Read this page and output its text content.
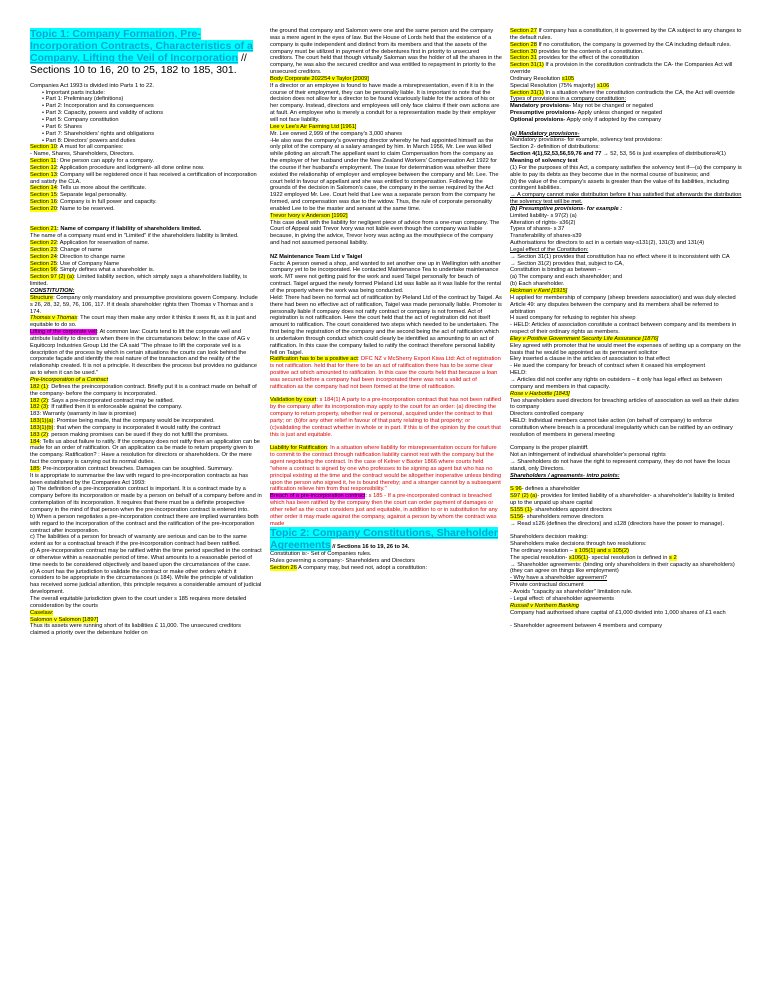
Topic 1: Company Formation, Pre-Incorporation Contracts, Characteristics of a Company, Lifting the Veil of Incorporation // Sections 10 to 16, 20 to 25, 182 to 185, 301.

Companies Act 1993 is divided into Parts 1 to 22.

• Important parts include:

• Part 1: Preliminary (definitions)

• Part 2: Incorporation and its consequences

• Part 3: Capacity, powers and validity of actions

• Part 5: Company constitution

• Part 6: Shares

• Part 7: Shareholders' rights and obligations

• Part 8: Directors' powers and duties

Section 10: A must for all companies:

- Name, Shares, Shareholders, Directors.

Section 11: One person can apply for a company.

Section 12: Application procedure and lodgment- all done online now.

Section 13: Company will be registered once it has received a certification of incorporation and satisfy the CLA.

Section 14: Tells us more about the certificate.

Section 15: Separate legal personality.

Section 16: Company is in full power and capacity.

Section 20: Name to be reserved.

Section 21: Name of company if liability of shareholders limited.

The name of a company must end in "Limited" if the shareholders liability is limited.

Section 22: Application for reservation of name.

Section 23: Change of name

Section 24: Direction to change name

Section 25: Use of Company Name

Section 96: Simply defines what a shareholder is.

Section 97 (2) (a): Limited liability section, which simply says a shareholders liability, is limited.

CONSTITUTION:

Structure: Company only mandatory and presumptive provisions govern Company. Include s 26, 28, 32, 59, 76, 106, 117. If it deals shareholder rights then Thomas v Thomas and s 174.

Thomas v Thomas: The court may then make any order it thinks it sees fit, as it is just and equitable to do so.

Lifting of the corporate veil: At common law: Courts tend to lift the corporate veil and attribute liability to directors when there in the circumstances below: In the case of AG v Equiticorp Industries Group Ltd the CA said "The phrase to lift the corporate veil is a description of the process by which in certain situations the courts can look behind the corporate façade and identify the real nature of the transaction and the reality of the relationship created. It is not a principle. It describes the process but provides no guidance as to when it can be used."

Pre-Incorporation of a Contract

182 (1): Defines the preincorporation contract. Briefly put it is a contract made on behalf of the company- before the company is incorporated.

182 (2): Says a pre-incorporated contract may be ratified.

182 (3): If ratified then it is enforceable against the company.

183: Warranty (warranty in law is promise)

183(1)(a): Promise being made, that the company would be incorporated.

183(1)(b): that when the company is incorporated it would ratify the contract

183 (2): person making promises can be sued if they do not fulfill the promises.

184: Tells us about failure to ratify. If the company does not ratify then an application can be made for an order of ratification. Or an application ca be made to return property given to the company. Ratification? : Have a resolution for directors or shareholders. Or the mere fact the company is carrying out its normal duties.

185: Pre-incorporation contract breaches. Damages can be soughted. Summary.

It is appropriate to summarise the law with regard to pre-incorporation contracts as has been established by the Companies Act 1993:

a) The definition of a pre-incorporation contract is important. It is a contract made by a company before its incorporation or made by a person on behalf of a company before and in contemplation of its incorporation. It requires that there must be a definite prospective company in the mind of that person when the pre-incorporation contract is entered into.

b) When a person negotiates a pre-incorporation contract there are implied warranties both with regard to the incorporation of the contract and the ratification of the pre-incorporation contract after incorporation.

c) The liabilities of a person for breach of warranty are serious and can be to the same extent as for a contractual breach if the pre-incorporation contract had been ratified.

d) A pre-incorporation contract may be ratified within the time period specified in the contract or otherwise within a reasonable period of time. What amounts to a reasonable period of time needs to be considered objectively and based upon the circumstances of the case.

e) A court has the jurisdiction to validate the contract or make other orders which it considers to be appropriate in the circumstances (s 184). While the principle of validation has received some judicial attention, this principle requires a considerable amount of judicial development.

The overall equitable jurisdiction given to the court under s 185 requires more detailed consideration by the courts

Caselaw:

Salomon v Salomon [1897]

Thus its assets were running short of its liabilities £ 11,000. The unsecured creditors claimed a priority over the debenture holder on

the ground that company and Salomon were one and the same person and the company was a mere agent in the eyes of law. But the House of Lords held that the existence of a company is quite independent and distinct from its members and that the assets of the company must be utilized in payment of the debentures first in priority to unsecured creditors. The court held that though virtually Saloman was the holder of all the shares in the company, he was also the secured creditor and was entitled to repayment in priority to the unsecured creditors.

Body Corporate 202254 v Taylor [2009]

If a director or an employee is found to have made a misrepresentation, even if it is in the course of their employment, they can be personally liable. It is important to note that the decision does not allow for a director to be found vicariously liable for the actions of his or her company. Instead, directors and employees will only face claims if their own actions are at fault. An employee who is merely a conduit for a representation made by their employer will not face liability.

Lee v Lee's Air Farming Ltd [1961]

Mr. Lee owned 2,999 of the company's 3,000 shares

-He also was the company's governing director whereby he had appointed himself as the only pilot of the company at a salary arranged by him. In March 1956, Mr. Lee was killed while piloting an aircraft.The appellant want to claim Compensation from the company as the employer of her husband under the New Zealand Workers' Compensation Act 1922 for the course if her husband's employment. The issue for determination was whether there existed the relationship of employer and employee between the company and Mr. Lee. The court held in favour of appellant and she was entitled to compensation. Following the grounds of the decision in Salomon's case, the company in the sense required by the Act 1922 employed Mr. Lee. Court held that Lee was a separate person from the company he formed, and compensation was due to the widow. Thus, the rule of corporate personality enabled Lee to be the master and servant at the same time.

Trevor Ivory v Anderson [1992]

This case dealt with the liability for negligent piece of advice from a one-man company. The Court of Appeal said Trevor Ivory was not liable even though the company was liable because, in giving the advice, Trevor Ivory was acting as the mouthpiece of the company and had not assumed personal liability.

NZ Maintenance Team Ltd v Taigel

Facts: A person owned a shop, and wanted to set another one up in Wellington with another company yet to be incorporated. He contacted Maintenance Tea to undertake maintenance work. MT were not getting paid for the work and sued Taigel personally for beach of contract. Taigel argued the newly formed Pieland Ltd was liable as it was liable for the rental of the property where the work was being conducted.

Held: There had been no formal act of ratification by Pieland Ltd of the contract by Taigel. As there had been no effective act of ratification, Taigel was made personally liable. Promoter is personally liable if company does not ratify contract or company is not formed. Act of registration is not ratification. Here the court held that the act of registration did not itself amount to ratification. The court considered two steps which needed to be undertaken. The first being the registration of the company and the second being the act of ratification which is undertaken through conduct which could clearly be identified as amounting to an act of ratification. In this case the company failed to ratify the contract therefore personal liability fell on Taigel.

Ratification has to be a positive act: DFC NZ v McSherry Export Kiwa Ltd: Act of registration is not ratification. held that for there to be an act of ratification there has to be some clear positive act which amounted to ratification. In this case the courts held that because a loan was secured before a company had been incorporated there was not a valid act of ratification as the company had not been formed at the time of ratification.

Validation by court: s 184(1) A party to a pre-incorporation contract that has not been ratified by the company after its incorporation may apply to the court for an order: (a) directing the company to return property, whether real or personal, acquired under the contract to that party; or: (b)for any other relief in favour of that party relating to that property; or (c)validating the contract whether in whole or in part. If this is of the opinion by the court that this is just and equitable.

Liability for Ratification: In a situation where liability for misrepresentation occurs for failure to commit to the contract through ratification liability cannot rest with the company but the agent negotiating the contract. In the case of Kelner v Baxter 1866 where courts held "where a contract is signed by one who professes to be signing as agent but who has no principal existing at the time and the contract would be altogether inoperative unless binding upon the person who signed it, he is bound thereby; and a stranger cannot by a subsequent ratification relieve him from that responsibility."

Breach of a pre-incorporation contract: s 185 - If a pre-incorporated contract is breached which has been ratified by the company then the court can order payment of damages or other relief as the court considers just and equitable, in addition to or in substitution for any other order it may made against the company, against a person by whom the contract was made

Topic 2: Company Constitutions, Shareholder Agreements // Sections 16 to 19, 26 to 34.

Constitution is:- Set of Companies rules.

Rules governing a company:- Shareholders and Directors

Section 26 A company may, but need not, adopt a constitution:

Section 27 If company has a constitution, it is governed by the CA subject to any changes to the default rules.

Section 28 If no constitution, the company is governed by the CA including default rules.

Section 30 provides for the contents of a constitution.

Section 31 provides for the effect of the constitution

Section 31(1) If a provision in the constitution contradicts the CA- the Companies Act will override

Ordinary Resolution s105

Special Resolution (75% majority) s106

Section 31(1) In a situation where the constitution contradicts the CA, the Act will override

Types of provisions in a company constitution:

Mandatory provisions- May not be changed or negated

Presumptive provisions- Apply unless changed or negated

Optional provisions- Apply only if adopted by the company

(a) Mandatory provisions-

Mandatory provisions- for example, solvency test provisions:

Section 2- definition of distributions:

Section 4(1),52,53,56,59,76 and 77 → 52, 53, 56 is just examples of distributions4(1) Meaning of solvency test

(1) For the purposes of this Act, a company satisfies the solvency test if—(a) the company is able to pay its debts as they become due in the normal course of business; and

(b) the value of the company's assets is greater than the value of its liabilities, including contingent liabilities.

→ A company cannot make distribution before it has satisfied that afterwards the distribution the solvency test will be met.

(b) Presumptive provisions- for example :

Limited liability- s 97(2) (a)

Alteration of rights- s36(2)

Types of shares- s 37

Transferability of shares-s39

Authorisations for directors to act in a certain way-s131(2), 131(3) and 131(4)

Legal effect of the Constitution:

→ Section 31(1) provides that constitution has no effect where it is inconsistent with CA

→ Section 31(2) provides that, subject to CA,

Constitution is binding as between –

(a) The company and each shareholder; and

(b) Each shareholder.

Hickman v Kent [1915]

H applied for membership of company (sheep breeders association) and was duly elected

Article 49: any disputes between the company and its members shall be referred to arbitration

H sued company for refusing to register his sheep

- HELD: Articles of association constitute a contract between company and its members in respect of their ordinary rights as members.

Eley v Positive Government Security Life Assurance [1876]

Eley agreed with promoter that he would meet the expenses of setting up a company on the basis that he would be appointed as its permanent solicitor

Eley inserted a clause in the articles of association to that effect

- He sued the company for breach of contract when it ceased his employment

HELD:

→ Articles did not confer any rights on outsiders – it only has legal effect as between company and members in that capacity.

Rose v Harbottle [1843]

Two shareholders sued directors for breaching articles of association as well as their duties to company

Directors controlled company

HELD: Individual members cannot take action (on behalf of company) to enforce constitution where breach is a procedural irregularity which can be ratified by an ordinary resolution of members in general meeting

Company is the proper plaintiff.

Not an infringement of individual shareholder's personal rights

→ Shareholders do not have the right to represent company, they do not have the locus standi, only Directors.

Shareholders / agreements- intro points:

S 96- defines a shareholder

S97 (2) (a)- provides for limited liability of a shareholder- a shareholder's liability is limited up to the unpaid up share capital

S155 (1)- shareholders appoint directors

S156- shareholders remove directors

→ Read s126 (defines the directors) and s128 (directors have the power to manage).

Shareholders decision making:

Shareholders make decisions through two resolutions:

The ordinary resolution – s 105(1) and s 105(2)

The special resolution- s106(1)- special resolution is defined in s 2

→ Shareholder agreements: (binding only shareholders in their capacity as shareholders) (they can agree on things like employment)

- Why have a shareholder agreement?

Private contractual document

- Avoids "capacity as shareholder" limitation rule.

- Legal effect: of shareholder agreements

Russell v Northern Banking

Company had authorised share capital of £1,000 divided into 1,000 shares of £1 each

- Shareholder agreement between 4 members and company
